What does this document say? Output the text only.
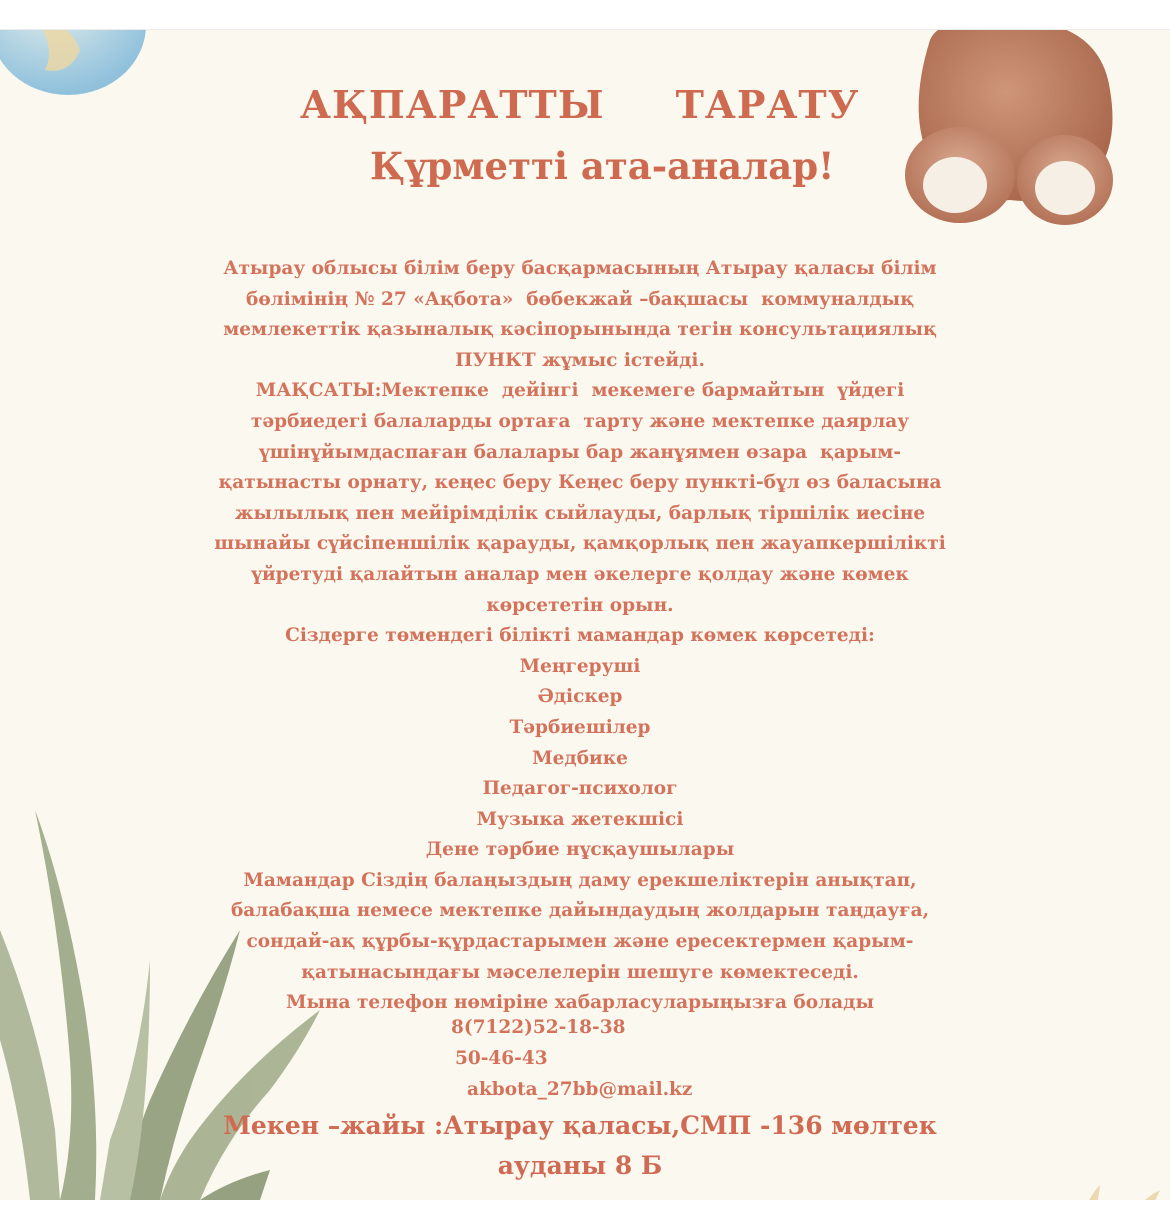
АҚПАРАТТЫ     ТАРАТУ
Құрметті ата-аналар!
Атырау облысы білім беру басқармасының Атырау қаласы білім
бөлімінің № 27 «Ақбота»  бөбекжай –бақшасы  коммуналдық
мемлекеттік қазыналық кәсіпорынында тегін консультациялық
ПУНКТ жұмыс істейді.
МАҚСАТЫ:Мектепке  дейінгі  мекемеге бармайтын  үйдегі
тәрбиедегі балаларды ортаға  тарту және мектепке даярлау
үшінұйымдаспаған балалары бар жанұямен өзара  қарым-
қатынасты орнату, кеңес беру Кеңес беру пункті-бұл өз баласына
жылылық пен мейірімділік сыйлауды, барлық тіршілік иесіне
шынайы сүйсіпеншілік қарауды, қамқорлық пен жауапкершілікті
үйретуді қалайтын аналар мен әкелерге қолдау және көмек
көрсететін орын.
Сіздерге төмендегі білікті мамандар көмек көрсетеді:
Меңгеруші
Әдіскер
Тәрбиешілер
Медбике
Педагог-психолог
Музыка жетекшісі
Дене тәрбие нұсқаушылары
Мамандар Сіздің балаңыздың даму ерекшеліктерін анықтап,
балабақша немесе мектепке дайындаудың жолдарын таңдауға,
сондай-ақ құрбы-құрдастарымен және ересектермен қарым-
қатынасындағы мәселелерін шешуге көмектеседі.
Мына телефон нөміріне хабарласуларыңызға болады
8(7122)52-18-38
50-46-43
akbota_27bb@mail.kz
Мекен –жайы :Атырау қаласы,СМП -136 мөлтек
ауданы 8 Б
